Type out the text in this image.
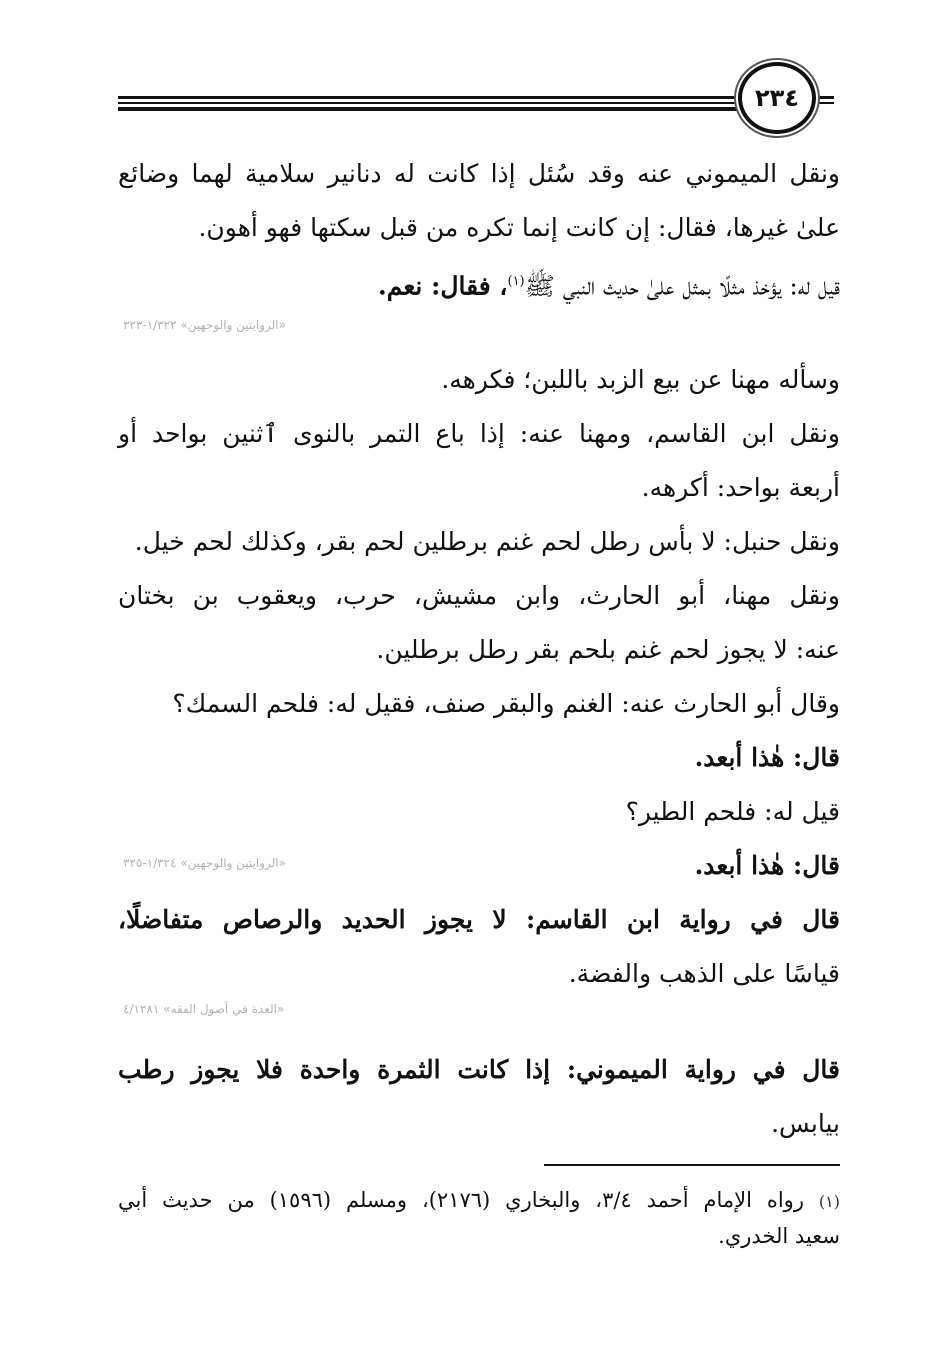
٢٣٤
ونقل الميموني عنه وقد سُئل إذا كانت له دنانير سلامية لهما وضائع
علىٰ غيرها، فقال: إن كانت إنما تكره من قبل سكتها فهو أهون.
قيل له: يؤخذ مثلًا بمثل علىٰ حديث النبي ﷺ$^{(١)}$، فقال: نعم.
«الروايتين والوجهين» ١/٣٢٢-٣٢٣
وسأله مهنا عن بيع الزبد باللبن؛ فكرهه.
ونقل ابن القاسم، ومهنا عنه: إذا باع التمر بالنوى ٱثنين بواحد أو
أربعة بواحد: أكرهه.
ونقل حنبل: لا بأس رطل لحم غنم برطلين لحم بقر، وكذلك لحم خيل.
ونقل مهنا، أبو الحارث، وابن مشيش، حرب، ويعقوب بن بختان
عنه: لا يجوز لحم غنم بلحم بقر رطل برطلين.
وقال أبو الحارث عنه: الغنم والبقر صنف، فقيل له: فلحم السمك؟
قال: هٰذا أبعد.
قيل له: فلحم الطير؟
قال: هٰذا أبعد.
«الروايتين والوجهين» ١/٣٢٤-٣٢٥
قال في رواية ابن القاسم: لا يجوز الحديد والرصاص متفاضلًا،
قياسًا على الذهب والفضة.
«العدة في أصول الفقه» ٤/١٢٨١
قال في رواية الميموني: إذا كانت الثمرة واحدة فلا يجوز رطب
بيابس.
(١) رواه الإمام أحمد ٣/٤، والبخاري (٢١٧٦)، ومسلم (١٥٩٦) من حديث أبي
سعيد الخدري.
